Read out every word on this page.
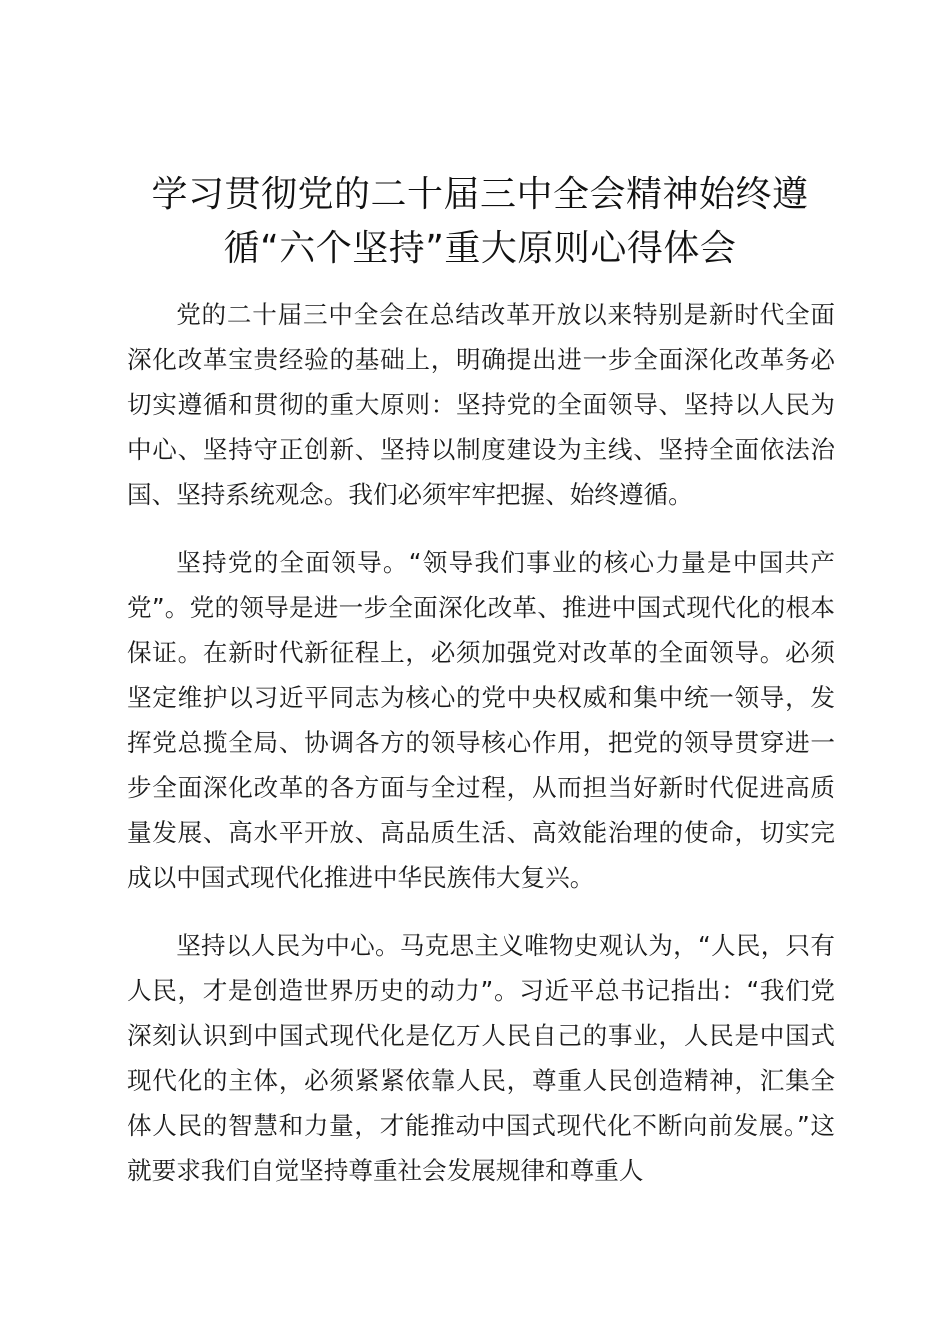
学习贯彻党的二十届三中全会精神始终遵
循“六个坚持”重大原则心得体会

党的二十届三中全会在总结改革开放以来特别是新时代全面深化改革宝贵经验的基础上，明确提出进一步全面深化改革务必切实遵循和贯彻的重大原则：坚持党的全面领导、坚持以人民为中心、坚持守正创新、坚持以制度建设为主线、坚持全面依法治国、坚持系统观念。我们必须牢牢把握、始终遵循。

坚持党的全面领导。“领导我们事业的核心力量是中国共产党”。党的领导是进一步全面深化改革、推进中国式现代化的根本保证。在新时代新征程上，必须加强党对改革的全面领导。必须坚定维护以习近平同志为核心的党中央权威和集中统一领导，发挥党总揽全局、协调各方的领导核心作用，把党的领导贯穿进一步全面深化改革的各方面与全过程，从而担当好新时代促进高质量发展、高水平开放、高品质生活、高效能治理的使命，切实完成以中国式现代化推进中华民族伟大复兴。

坚持以人民为中心。马克思主义唯物史观认为，“人民，只有人民，才是创造世界历史的动力”。习近平总书记指出：“我们党深刻认识到中国式现代化是亿万人民自己的事业，人民是中国式现代化的主体，必须紧紧依靠人民，尊重人民创造精神，汇集全体人民的智慧和力量，才能推动中国式现代化不断向前发展。”这就要求我们自觉坚持尊重社会发展规律和尊重人
